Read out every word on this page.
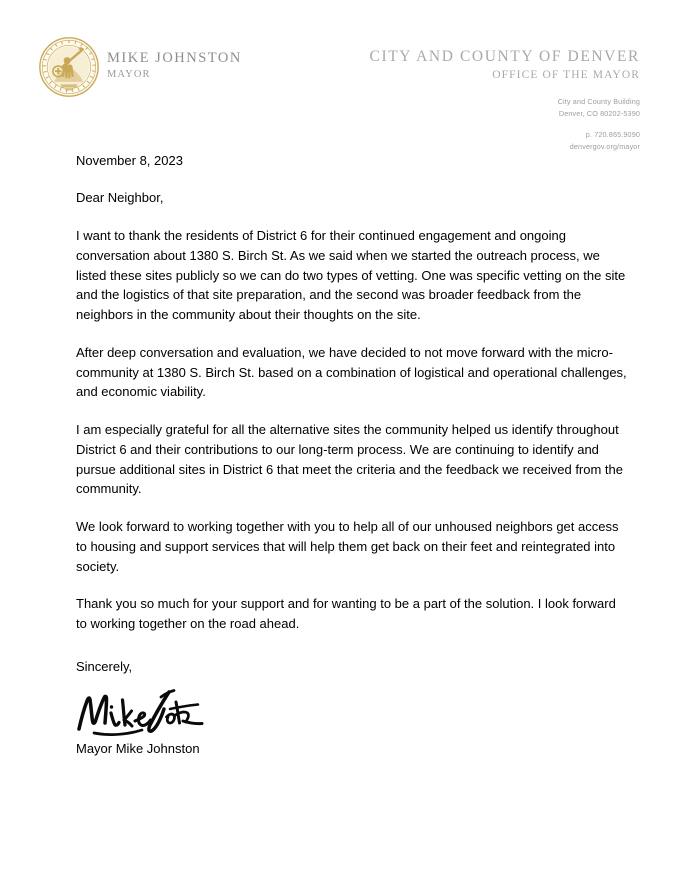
MIKE JOHNSTON
MAYOR
CITY AND COUNTY OF DENVER
OFFICE OF THE MAYOR
City and County Building
Denver, CO 80202-5390
p. 720.865.9090
denvergov.org/mayor
November 8, 2023
Dear Neighbor,

I want to thank the residents of District 6 for their continued engagement and ongoing conversation about 1380 S. Birch St. As we said when we started the outreach process, we listed these sites publicly so we can do two types of vetting. One was specific vetting on the site and the logistics of that site preparation, and the second was broader feedback from the neighbors in the community about their thoughts on the site.

After deep conversation and evaluation, we have decided to not move forward with the micro-community at 1380 S. Birch St. based on a combination of logistical and operational challenges, and economic viability.

I am especially grateful for all the alternative sites the community helped us identify throughout District 6 and their contributions to our long-term process. We are continuing to identify and pursue additional sites in District 6 that meet the criteria and the feedback we received from the community.

We look forward to working together with you to help all of our unhoused neighbors get access to housing and support services that will help them get back on their feet and reintegrated into society.

Thank you so much for your support and for wanting to be a part of the solution. I look forward to working together on the road ahead.

Sincerely,
Mayor Mike Johnston
